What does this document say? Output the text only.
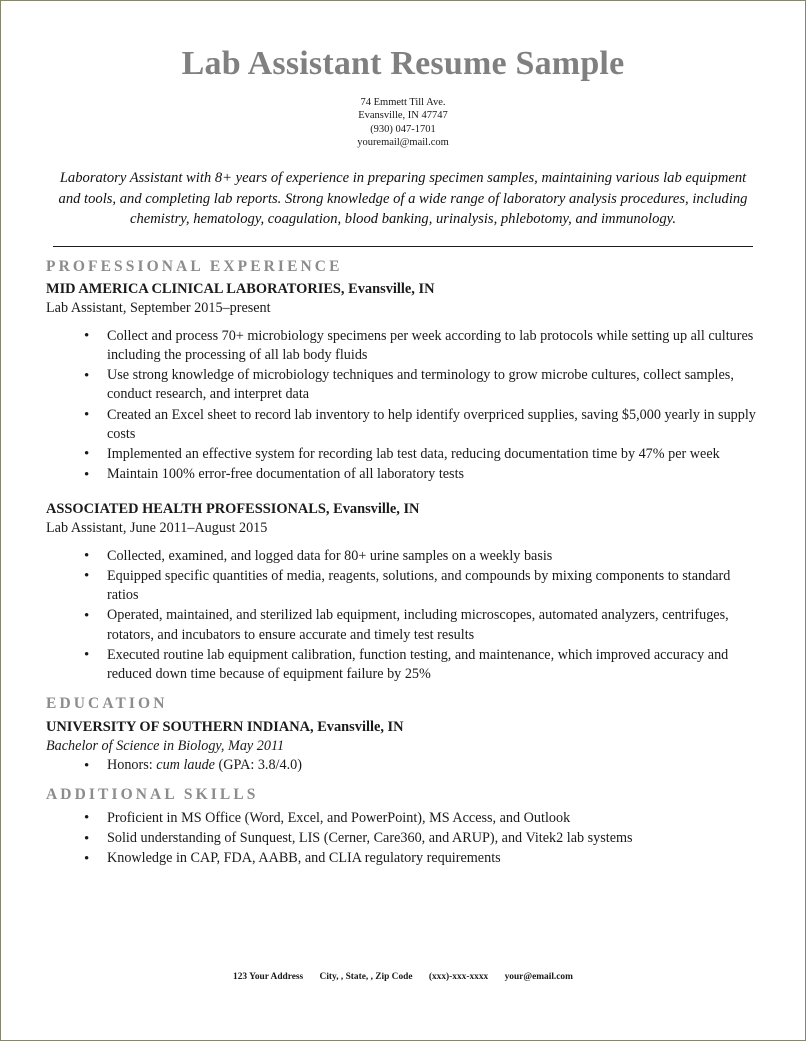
Lab Assistant Resume Sample
74 Emmett Till Ave.
Evansville, IN 47747
(930) 047-1701
youremail@mail.com

Laboratory Assistant with 8+ years of experience in preparing specimen samples, maintaining various lab equipment and tools, and completing lab reports. Strong knowledge of a wide range of laboratory analysis procedures, including chemistry, hematology, coagulation, blood banking, urinalysis, phlebotomy, and immunology.

PROFESSIONAL EXPERIENCE

MID AMERICA CLINICAL LABORATORIES, Evansville, IN

Lab Assistant, September 2015–present

• Collect and process 70+ microbiology specimens per week according to lab protocols while setting up all cultures including the processing of all lab body fluids
• Use strong knowledge of microbiology techniques and terminology to grow microbe cultures, collect samples, conduct research, and interpret data
• Created an Excel sheet to record lab inventory to help identify overpriced supplies, saving $5,000 yearly in supply costs
• Implemented an effective system for recording lab test data, reducing documentation time by 47% per week
• Maintain 100% error-free documentation of all laboratory tests

ASSOCIATED HEALTH PROFESSIONALS, Evansville, IN

Lab Assistant, June 2011–August 2015

• Collected, examined, and logged data for 80+ urine samples on a weekly basis
• Equipped specific quantities of media, reagents, solutions, and compounds by mixing components to standard ratios
• Operated, maintained, and sterilized lab equipment, including microscopes, automated analyzers, centrifuges, rotators, and incubators to ensure accurate and timely test results
• Executed routine lab equipment calibration, function testing, and maintenance, which improved accuracy and reduced down time because of equipment failure by 25%
EDUCATION

UNIVERSITY OF SOUTHERN INDIANA, Evansville, IN

Bachelor of Science in Biology, May 2011

• Honors: cum laude (GPA: 3.8/4.0)
ADDITIONAL SKILLS
• Proficient in MS Office (Word, Excel, and PowerPoint), MS Access, and Outlook
• Solid understanding of Sunquest, LIS (Cerner, Care360, and ARUP), and Vitek2 lab systems
• Knowledge in CAP, FDA, AABB, and CLIA regulatory requirements
123 Your Address City, , State, , Zip Code (xxx)-xxx-xxxx your@email.com
